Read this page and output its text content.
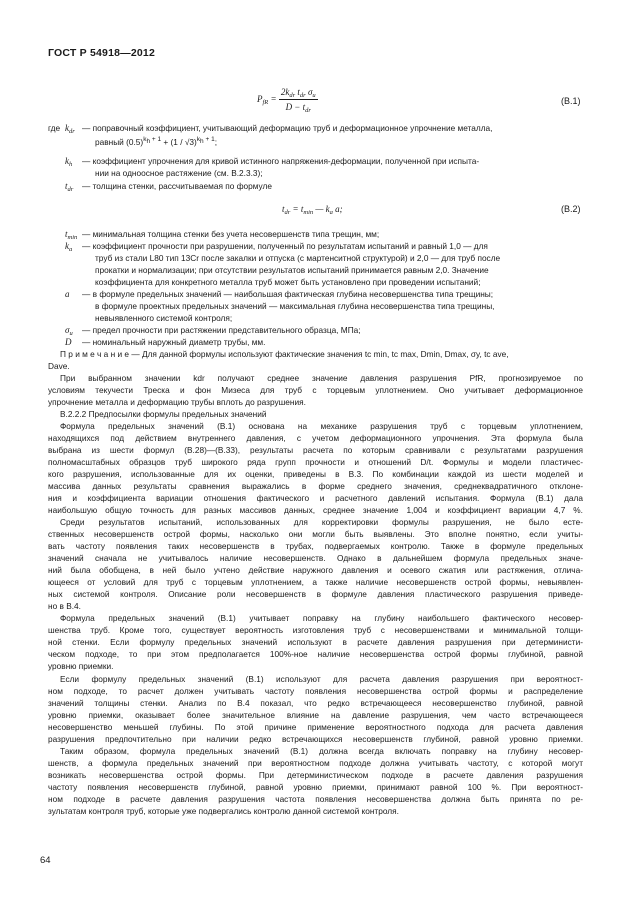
ГОСТ Р 54918—2012
$P_{fR} = \frac{2k_{dr} t_{dr} \sigma_u}{D - t_{dr}}$	(B.1)
где $k_{dr}$ — поправочный коэффициент, учитывающий деформацию труб и деформационное упрочнение металла,
равный $(0.5)^{k_h + 1} + (1 / √3)^{k_h + 1}$;
$k_h$ — коэффициент упрочнения для кривой истинного напряжения-деформации, полученной при испыта-
нии на одноосное растяжение (см. B.2.3.3);
$t_{dr}$ — толщина стенки, рассчитываемая по формуле
$t_{dr} = t_{min}$ — $k_a$ a;	(B.2)
$t_{min}$ — минимальная толщина стенки без учета несовершенств типа трещин, мм;
$k_a$ — коэффициент прочности при разрушении, полученный по результатам испытаний и равный 1,0 — для
труб из стали L80 тип 13Cr после закалки и отпуска (с мартенситной структурой) и 2,0 — для труб после
прокатки и нормализации; при отсутствии результатов испытаний принимается равным 2,0. Значение
коэффициента для конкретного металла труб может быть установлено при проведении испытаний;
a — в формуле предельных значений — наибольшая фактическая глубина несовершенства типа трещины;
в формуле проектных предельных значений — максимальная глубина несовершенства типа трещины,
невыявленного системой контроля;
$\sigma_u$ — предел прочности при растяжении представительного образца, МПа;
D — номинальный наружный диаметр трубы, мм.
П р и м е ч а н и е — Для данной формулы используют фактические значения tc min, tc max, Dmin, Dmax, σy, tc ave,
Dave.
При выбранном значении kdr получают среднее значение давления разрушения PfR, прогнозируемое по
условиям текучести Треска и фон Мизеса для труб с торцевым уплотнением. Оно учитывает деформационное
упрочнение металла и деформацию трубы вплоть до разрушения.
B.2.2.2 Предпосылки формулы предельных значений
Формула предельных значений (B.1) основана на механике разрушения труб с торцевым уплотнением,
находящихся под действием внутреннего давления, с учетом деформационного упрочнения. Эта формула была
выбрана из шести формул (B.28)—(B.33), результаты расчета по которым сравнивали с результатами разрушения
полномасштабных образцов труб широкого ряда групп прочности и отношений D/t. Формулы и модели пластичес-
кого разрушения, использованные для их оценки, приведены в B.3. По комбинации каждой из шести моделей и
массива данных результаты сравнения выражались в форме среднего значения, среднеквадратичного отклоне-
ния и коэффициента вариации отношения фактического и расчетного давлений испытания. Формула (B.1) дала
наибольшую общую точность для разных массивов данных, среднее значение 1,004 и коэффициент вариации 4,7 %.
Среди результатов испытаний, использованных для корректировки формулы разрушения, не было есте-
ственных несовершенств острой формы, насколько они могли быть выявлены. Это вполне понятно, если учиты-
вать частоту появления таких несовершенств в трубах, подвергаемых контролю. Также в формуле предельных
значений сначала не учитывалось наличие несовершенств. Однако в дальнейшем формула предельных значе-
ний была обобщена, в ней было учтено действие наружного давления и осевого сжатия или растяжения, отлича-
ющееся от условий для труб с торцевым уплотнением, а также наличие несовершенств острой формы, невыявлен-
ных системой контроля. Описание роли несовершенств в формуле давления пластического разрушения приведе-
но в B.4.
Формула предельных значений (B.1) учитывает поправку на глубину наибольшего фактического несовер-
шенства труб. Кроме того, существует вероятность изготовления труб с несовершенствами и минимальной толщи-
ной стенки. Если формулу предельных значений используют в расчете давления разрушения при детерминисти-
ческом подходе, то при этом предполагается 100%-ное наличие несовершенства острой формы глубиной, равной
уровню приемки.
Если формулу предельных значений (B.1) используют для расчета давления разрушения при вероятност-
ном подходе, то расчет должен учитывать частоту появления несовершенства острой формы и распределение
значений толщины стенки. Анализ по B.4 показал, что редко встречающееся несовершенство глубиной, равной
уровню приемки, оказывает более значительное влияние на давление разрушения, чем часто встречающееся
несовершенство меньшей глубины. По этой причине применение вероятностного подхода для расчета давления
разрушения предпочтительно при наличии редко встречающихся несовершенств глубиной, равной уровню приемки.
Таким образом, формула предельных значений (B.1) должна всегда включать поправку на глубину несовер-
шенств, а формула предельных значений при вероятностном подходе должна учитывать частоту, с которой могут
возникать несовершенства острой формы. При детерминистическом подходе в расчете давления разрушения
частоту появления несовершенств глубиной, равной уровню приемки, принимают равной 100 %. При вероятност-
ном подходе в расчете давления разрушения частота появления несовершенства должна быть принята по ре-
зультатам контроля труб, которые уже подвергались контролю данной системой контроля.
64
